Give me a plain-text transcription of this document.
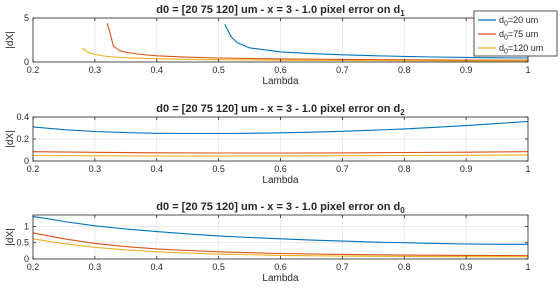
0.2	0.3	0.4	0.5	0.6	0.7	0.8	0.9	1
0
5
Lambda
|dX|
d0 = [20 75 120] um - x = 3 - 1.0 pixel error on $d_1$
$d_0=20$ um
$d_0=75$ um
$d_0=120$ um
0.2	0.3	0.4	0.5	0.6	0.7	0.8	0.9	1
0
0.2
0.4
Lambda
|dX|
d0 = [20 75 120] um - x = 3 - 1.0 pixel error on $d_2$
0.2	0.3	0.4	0.5	0.6	0.7	0.8	0.9	1
0
0.5
1
Lambda
|dX|
d0 = [20 75 120] um - x = 3 - 1.0 pixel error on $d_0$
